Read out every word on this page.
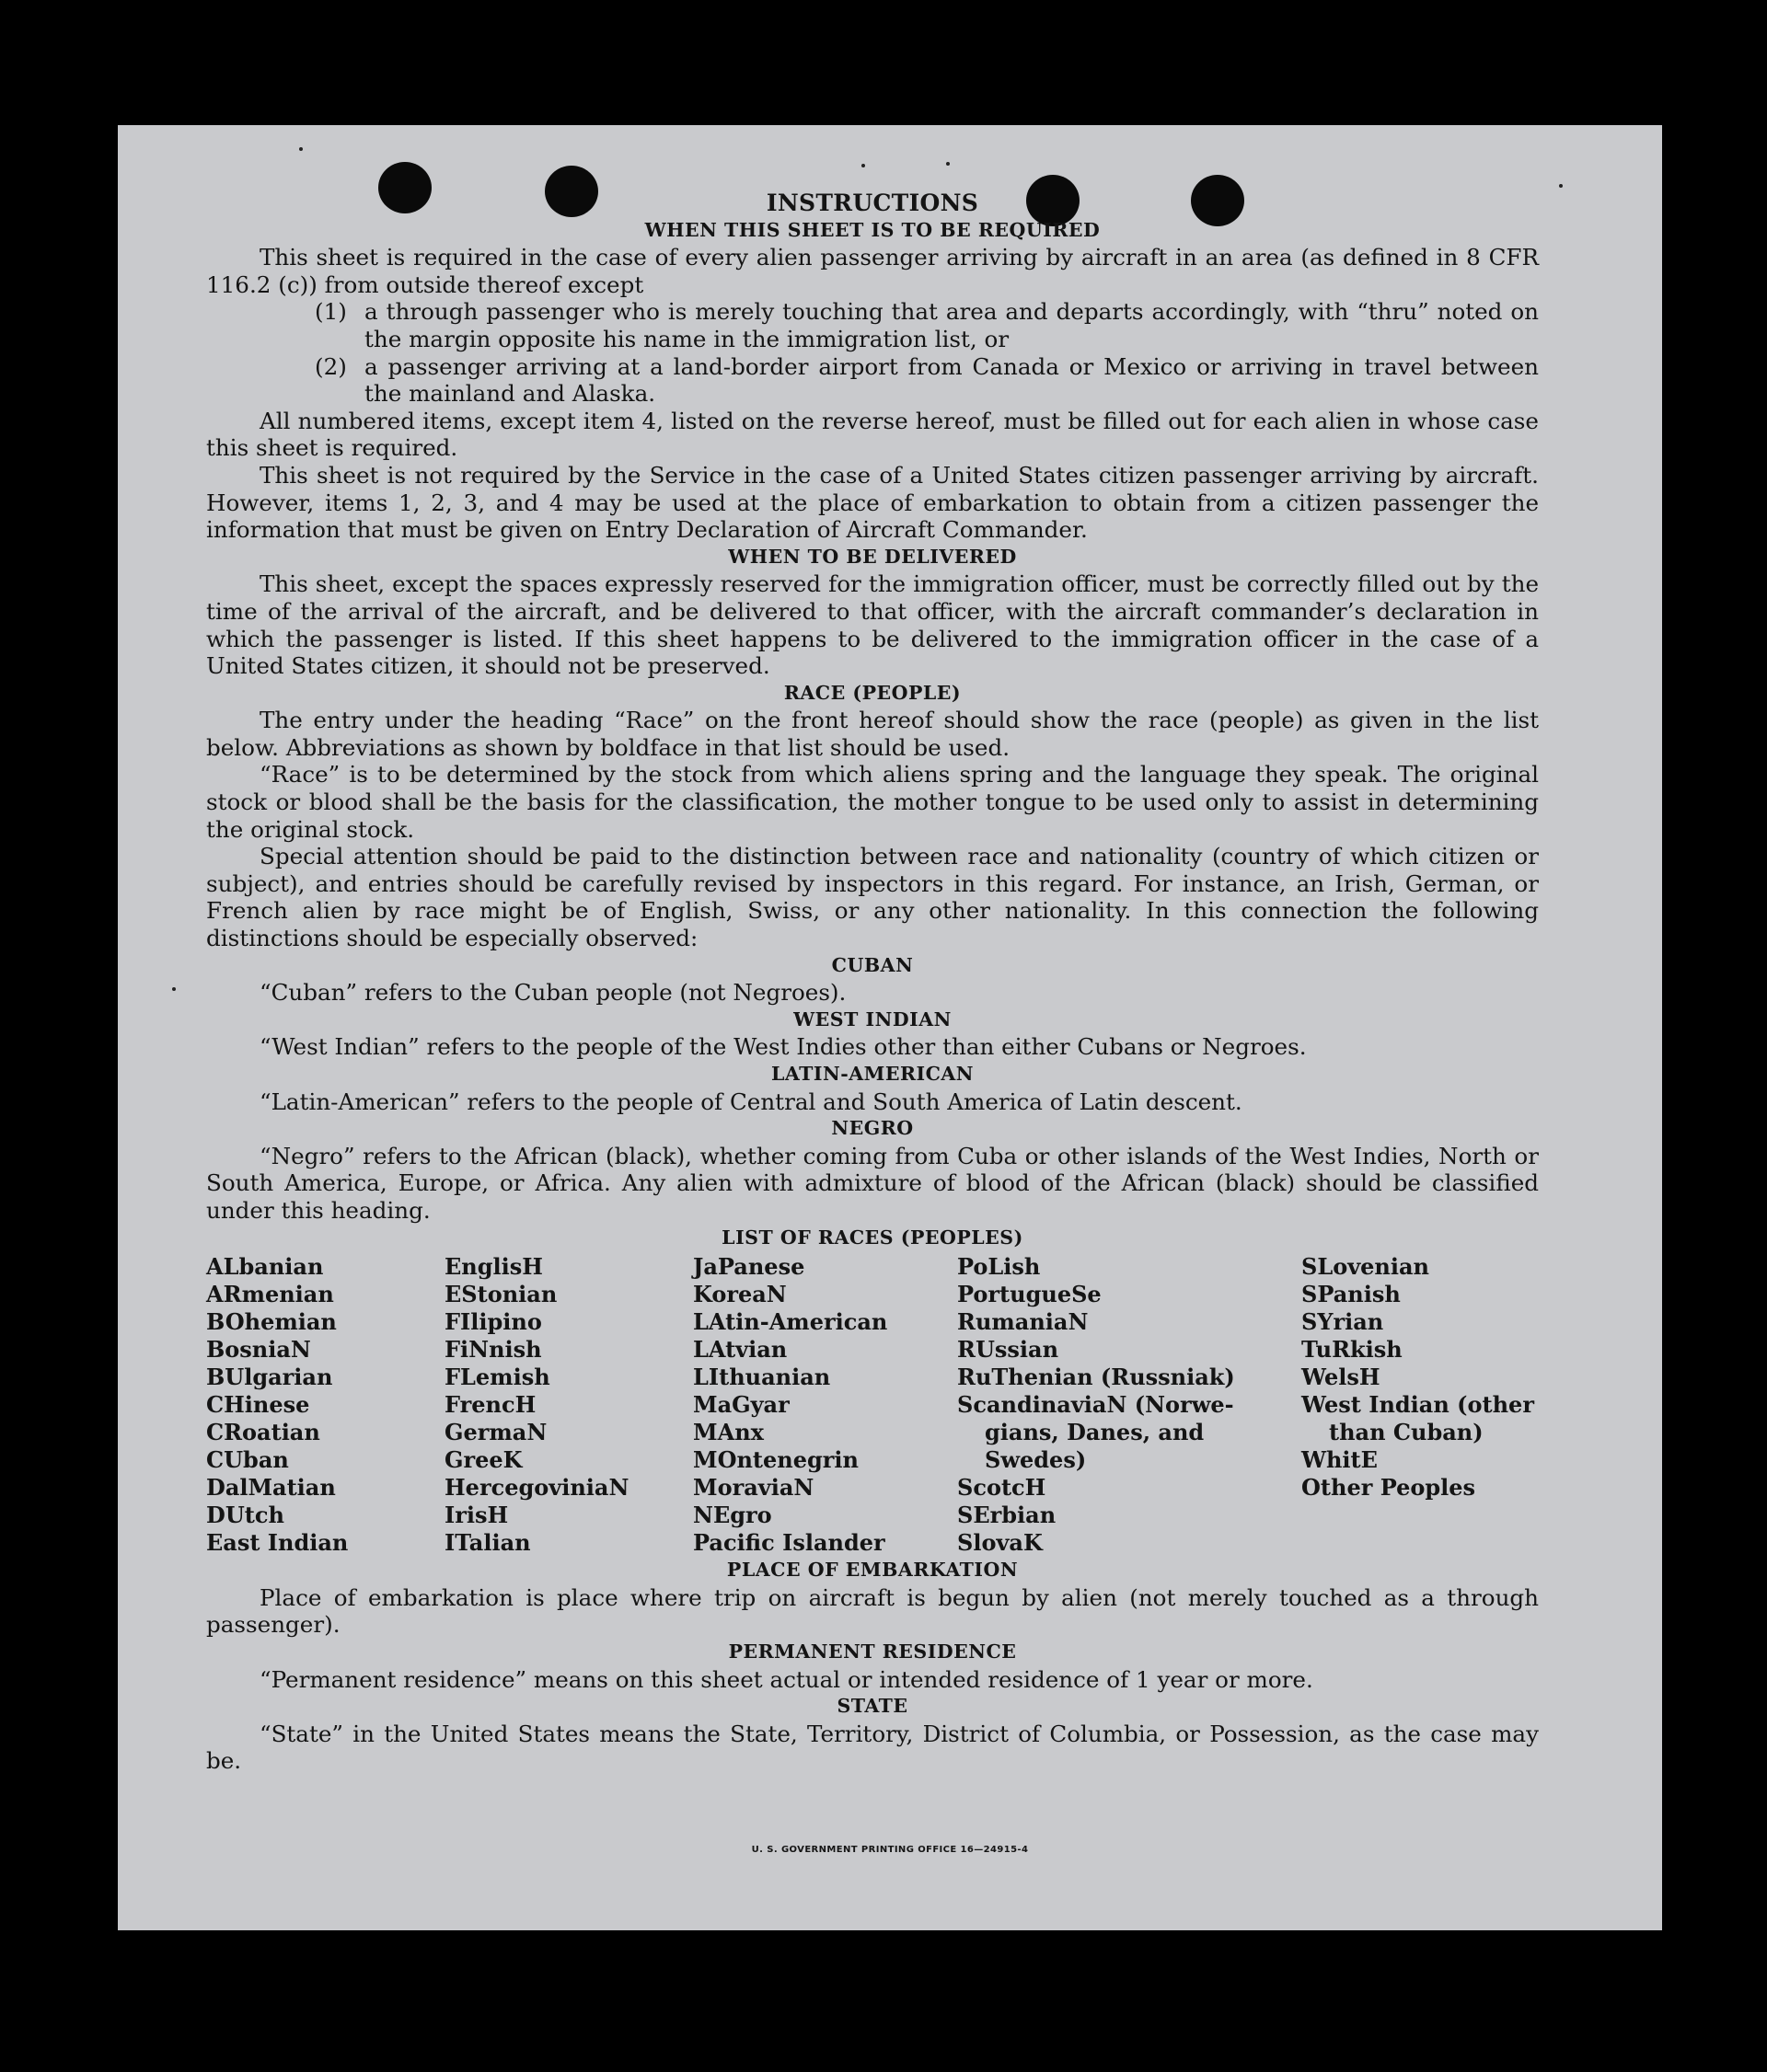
INSTRUCTIONS

WHEN THIS SHEET IS TO BE REQUIRED

This sheet is required in the case of every alien passenger arriving by aircraft in an area (as defined in 8 CFR 116.2 (c)) from outside thereof except

(1) a through passenger who is merely touching that area and departs accordingly, with “thru” noted on the margin opposite his name in the immigration list, or
(2) a passenger arriving at a land-border airport from Canada or Mexico or arriving in travel between the mainland and Alaska.

All numbered items, except item 4, listed on the reverse hereof, must be filled out for each alien in whose case this sheet is required.

This sheet is not required by the Service in the case of a United States citizen passenger arriving by aircraft. However, items 1, 2, 3, and 4 may be used at the place of embarkation to obtain from a citizen passenger the information that must be given on Entry Declaration of Aircraft Commander.

WHEN TO BE DELIVERED

This sheet, except the spaces expressly reserved for the immigration officer, must be correctly filled out by the time of the arrival of the aircraft, and be delivered to that officer, with the aircraft commander’s declaration in which the passenger is listed. If this sheet happens to be delivered to the immigration officer in the case of a United States citizen, it should not be preserved.

RACE (PEOPLE)

The entry under the heading “Race” on the front hereof should show the race (people) as given in the list below. Abbreviations as shown by boldface in that list should be used.

“Race” is to be determined by the stock from which aliens spring and the language they speak. The original stock or blood shall be the basis for the classification, the mother tongue to be used only to assist in determining the original stock.

Special attention should be paid to the distinction between race and nationality (country of which citizen or subject), and entries should be carefully revised by inspectors in this regard. For instance, an Irish, German, or French alien by race might be of English, Swiss, or any other nationality. In this connection the following distinctions should be especially observed:

CUBAN

“Cuban” refers to the Cuban people (not Negroes).

WEST INDIAN

“West Indian” refers to the people of the West Indies other than either Cubans or Negroes.

LATIN-AMERICAN

“Latin-American” refers to the people of Central and South America of Latin descent.

NEGRO

“Negro” refers to the African (black), whether coming from Cuba or other islands of the West Indies, North or South America, Europe, or Africa. Any alien with admixture of blood of the African (black) should be classified under this heading.

LIST OF RACES (PEOPLES)

ALbanian
ARmenian
BOhemian
BosniaN
BUlgarian
CHinese
CRoatian
CUban
DalMatian
DUtch
East Indian
EnglisH
EStonian
FIlipino
FiNnish
FLemish
FrencH
GermaN
GreeK
HercegoviniaN
IrisH
ITalian
JaPanese
KoreaN
LAtin-American
LAtvian
LIthuanian
MaGyar
MAnx
MOntenegrin
MoraviaN
NEgro
Pacific Islander
PoLish
PortugueSe
RumaniaN
RUssian
RuThenian (Russniak)
ScandinaviaN (Norwe-
gians, Danes, and
Swedes)
ScotcH
SErbian
SlovaK
SLovenian
SPanish
SYrian
TuRkish
WelsH
West Indian (other
than Cuban)
WhitE
Other Peoples

PLACE OF EMBARKATION

Place of embarkation is place where trip on aircraft is begun by alien (not merely touched as a through passenger).

PERMANENT RESIDENCE

“Permanent residence” means on this sheet actual or intended residence of 1 year or more.

STATE

“State” in the United States means the State, Territory, District of Columbia, or Possession, as the case may be.

U. S. GOVERNMENT PRINTING OFFICE 16—24915-4
